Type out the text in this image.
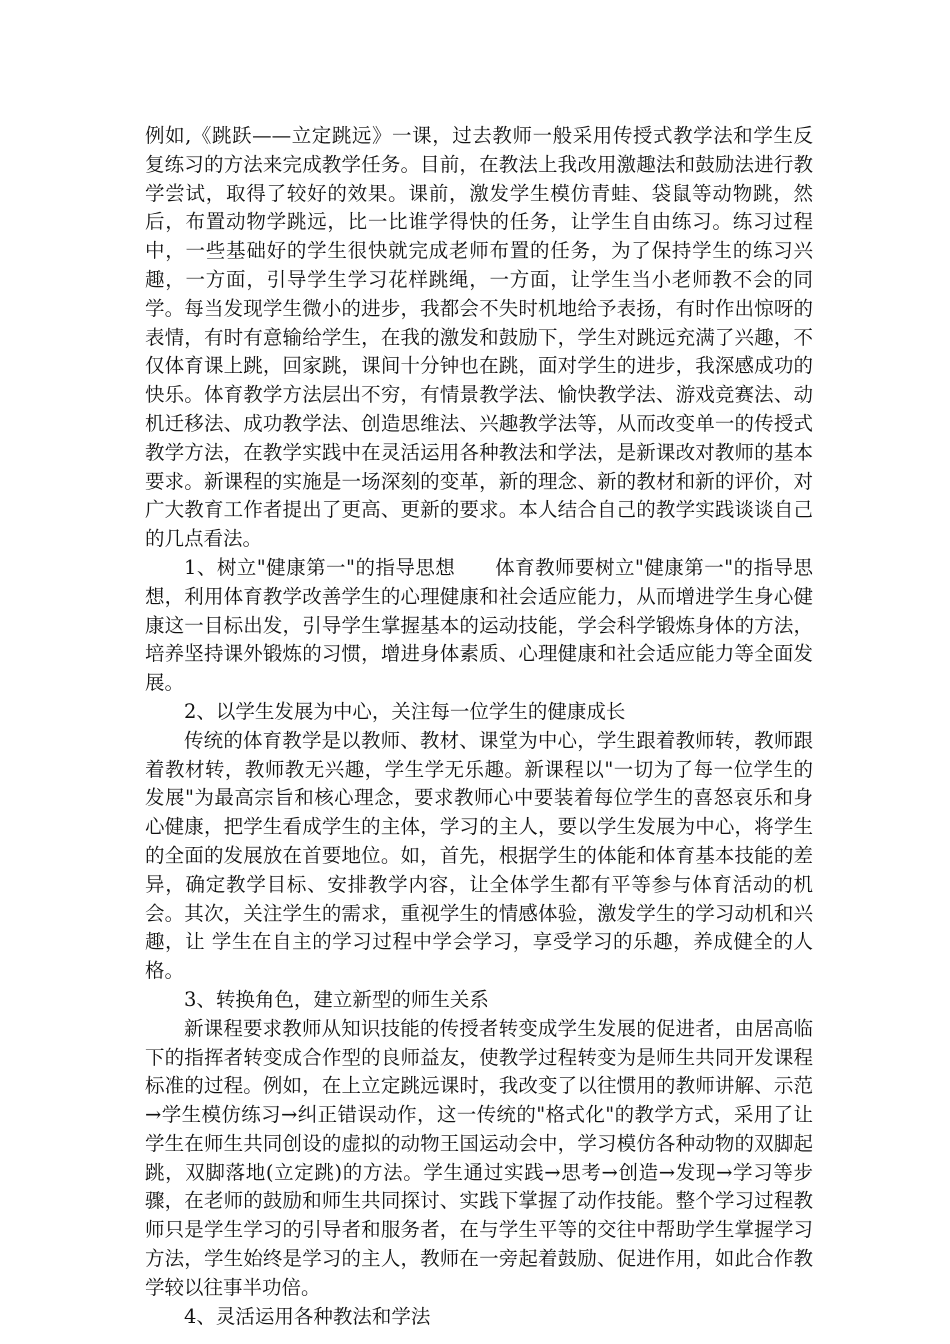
例如,《跳跃——立定跳远》一课，过去教师一般采用传授式教学法和学生反复练习的方法来完成教学任务。目前，在教法上我改用激趣法和鼓励法进行教学尝试，取得了较好的效果。课前，激发学生模仿青蛙、袋鼠等动物跳，然后，布置动物学跳远，比一比谁学得快的任务，让学生自由练习。练习过程中，一些基础好的学生很快就完成老师布置的任务，为了保持学生的练习兴趣，一方面，引导学生学习花样跳绳，一方面，让学生当小老师教不会的同学。每当发现学生微小的进步，我都会不失时机地给予表扬，有时作出惊呀的表情，有时有意输给学生，在我的激发和鼓励下，学生对跳远充满了兴趣，不仅体育课上跳，回家跳，课间十分钟也在跳，面对学生的进步，我深感成功的快乐。体育教学方法层出不穷，有情景教学法、愉快教学法、游戏竞赛法、动机迁移法、成功教学法、创造思维法、兴趣教学法等，从而改变单一的传授式教学方法，在教学实践中在灵活运用各种教法和学法，是新课改对教师的基本要求。新课程的实施是一场深刻的变革，新的理念、新的教材和新的评价，对广大教育工作者提出了更高、更新的要求。本人结合自己的教学实践谈谈自己的几点看法。

1、树立"健康第一"的指导思想　　体育教师要树立"健康第一"的指导思想，利用体育教学改善学生的心理健康和社会适应能力，从而增进学生身心健康这一目标出发，引导学生掌握基本的运动技能，学会科学锻炼身体的方法，培养坚持课外锻炼的习惯，增进身体素质、心理健康和社会适应能力等全面发展。

2、以学生发展为中心，关注每一位学生的健康成长

传统的体育教学是以教师、教材、课堂为中心，学生跟着教师转，教师跟着教材转，教师教无兴趣，学生学无乐趣。新课程以"一切为了每一位学生的发展"为最高宗旨和核心理念，要求教师心中要装着每位学生的喜怒哀乐和身心健康，把学生看成学生的主体，学习的主人，要以学生发展为中心，将学生的全面的发展放在首要地位。如，首先，根据学生的体能和体育基本技能的差异，确定教学目标、安排教学内容，让全体学生都有平等参与体育活动的机会。其次，关注学生的需求，重视学生的情感体验，激发学生的学习动机和兴趣，让 学生在自主的学习过程中学会学习，享受学习的乐趣，养成健全的人格。

3、转换角色，建立新型的师生关系

新课程要求教师从知识技能的传授者转变成学生发展的促进者，由居高临下的指挥者转变成合作型的良师益友，使教学过程转变为是师生共同开发课程标准的过程。例如，在上立定跳远课时，我改变了以往惯用的教师讲解、示范→学生模仿练习→纠正错误动作，这一传统的"格式化"的教学方式，采用了让学生在师生共同创设的虚拟的动物王国运动会中，学习模仿各种动物的双脚起跳，双脚落地(立定跳)的方法。学生通过实践→思考→创造→发现→学习等步骤，在老师的鼓励和师生共同探讨、实践下掌握了动作技能。整个学习过程教师只是学生学习的引导者和服务者，在与学生平等的交往中帮助学生掌握学习方法，学生始终是学习的主人，教师在一旁起着鼓励、促进作用，如此合作教学较以往事半功倍。

4、灵活运用各种教法和学法
